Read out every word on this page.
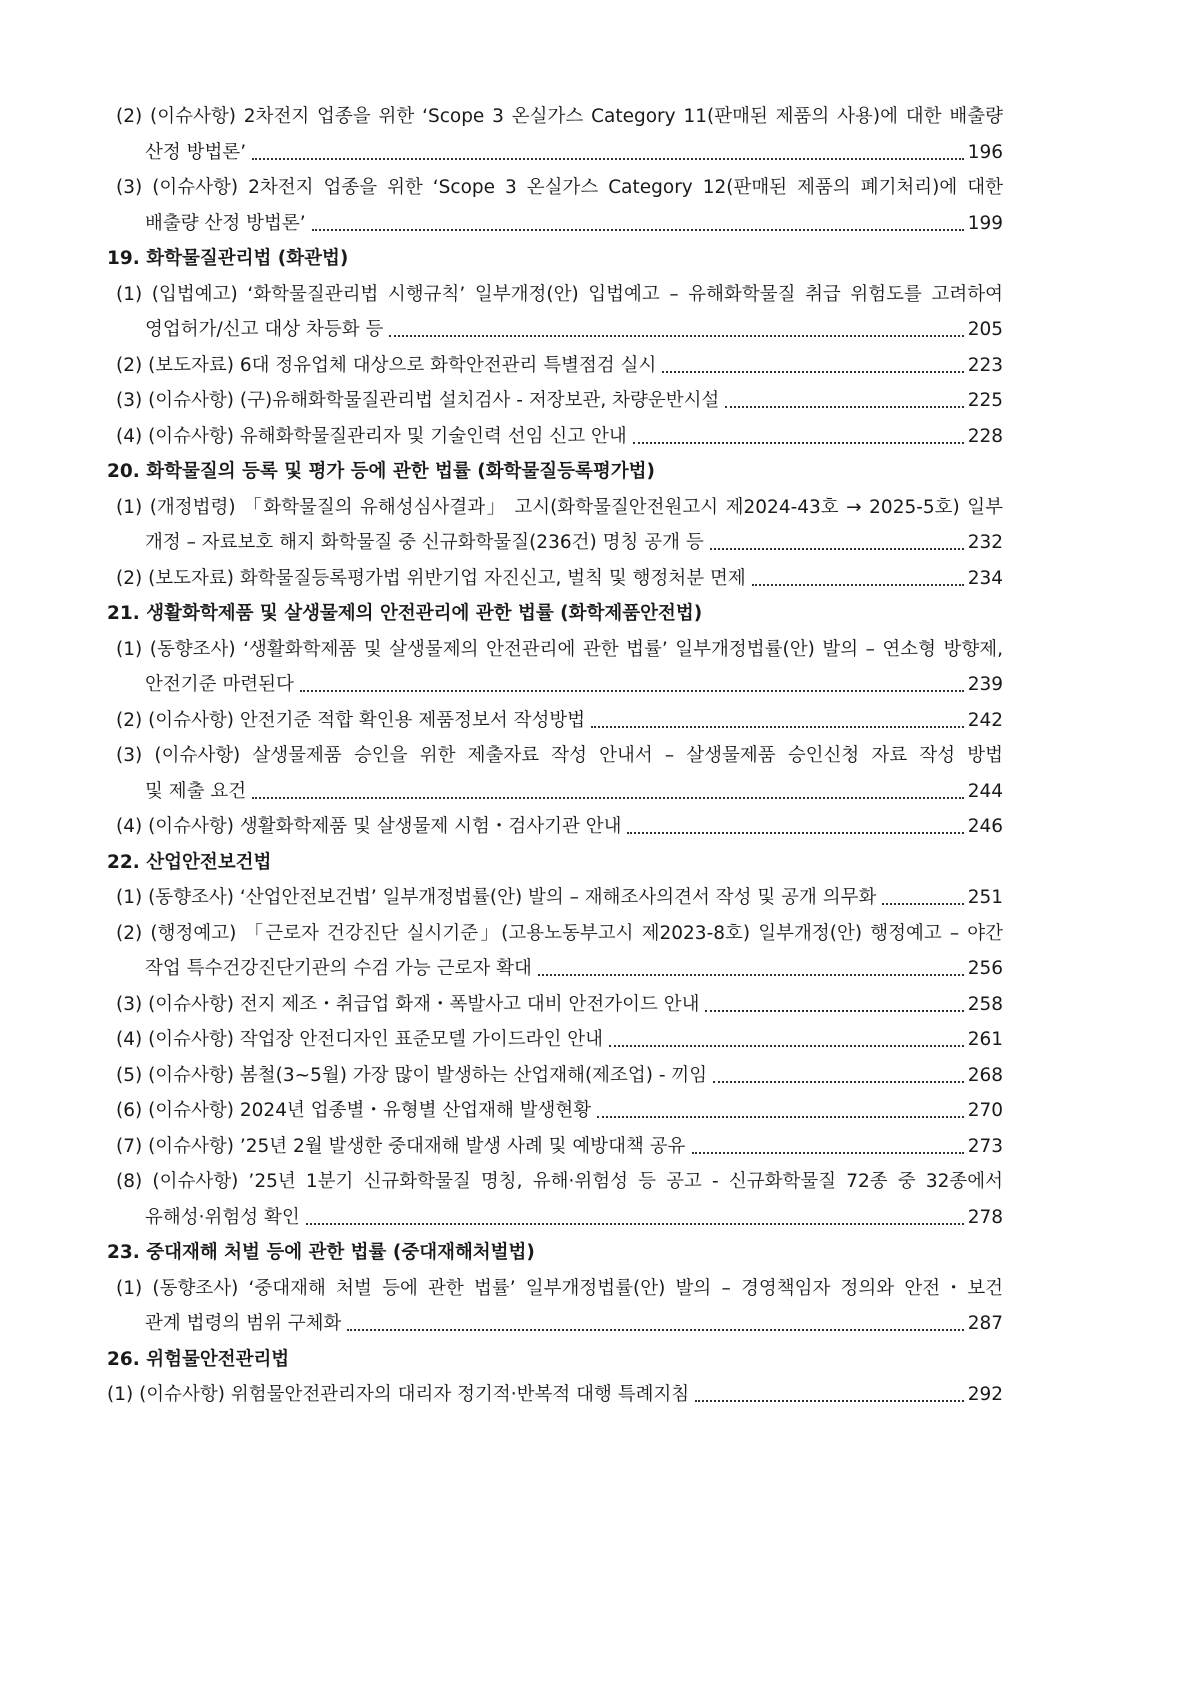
(2) (이슈사항) 2차전지 업종을 위한 ‘Scope 3 온실가스 Category 11(판매된 제품의 사용)에 대한 배출량
산정 방법론’	196
(3) (이슈사항) 2차전지 업종을 위한 ‘Scope 3 온실가스 Category 12(판매된 제품의 폐기처리)에 대한
배출량 산정 방법론’	199
19. 화학물질관리법 (화관법)
(1) (입법예고) ‘화학물질관리법 시행규칙’ 일부개정(안) 입법예고 – 유해화학물질 취급 위험도를 고려하여
영업허가/신고 대상 차등화 등	205
(2) (보도자료) 6대 정유업체 대상으로 화학안전관리 특별점검 실시	223
(3) (이슈사항) (구)유해화학물질관리법 설치검사 - 저장보관, 차량운반시설	225
(4) (이슈사항) 유해화학물질관리자 및 기술인력 선임 신고 안내	228
20. 화학물질의 등록 및 평가 등에 관한 법률 (화학물질등록평가법)
(1) (개정법령) 「화학물질의 유해성심사결과」 고시(화학물질안전원고시 제2024-43호 → 2025-5호) 일부
개정 – 자료보호 해지 화학물질 중 신규화학물질(236건) 명칭 공개 등	232
(2) (보도자료) 화학물질등록평가법 위반기업 자진신고, 벌칙 및 행정처분 면제	234
21. 생활화학제품 및 살생물제의 안전관리에 관한 법률 (화학제품안전법)
(1) (동향조사) ‘생활화학제품 및 살생물제의 안전관리에 관한 법률’ 일부개정법률(안) 발의 – 연소형 방향제,
안전기준 마련된다	239
(2) (이슈사항) 안전기준 적합 확인용 제품정보서 작성방법	242
(3) (이슈사항) 살생물제품 승인을 위한 제출자료 작성 안내서 – 살생물제품 승인신청 자료 작성 방법
및 제출 요건	244
(4) (이슈사항) 생활화학제품 및 살생물제 시험・검사기관 안내	246
22. 산업안전보건법
(1) (동향조사) ‘산업안전보건법’ 일부개정법률(안) 발의 – 재해조사의견서 작성 및 공개 의무화	251
(2) (행정예고) 「근로자 건강진단 실시기준」(고용노동부고시 제2023-8호) 일부개정(안) 행정예고 – 야간
작업 특수건강진단기관의 수검 가능 근로자 확대	256
(3) (이슈사항) 전지 제조・취급업 화재・폭발사고 대비 안전가이드 안내	258
(4) (이슈사항) 작업장 안전디자인 표준모델 가이드라인 안내	261
(5) (이슈사항) 봄철(3~5월) 가장 많이 발생하는 산업재해(제조업) - 끼임	268
(6) (이슈사항) 2024년 업종별・유형별 산업재해 발생현황	270
(7) (이슈사항) ’25년 2월 발생한 중대재해 발생 사례 및 예방대책 공유	273
(8) (이슈사항) ’25년 1분기 신규화학물질 명칭, 유해·위험성 등 공고 - 신규화학물질 72종 중 32종에서
유해성·위험성 확인	278
23. 중대재해 처벌 등에 관한 법률 (중대재해처벌법)
(1) (동향조사) ‘중대재해 처벌 등에 관한 법률’ 일부개정법률(안) 발의 – 경영책임자 정의와 안전・보건
관계 법령의 범위 구체화	287
26. 위험물안전관리법
(1) (이슈사항) 위험물안전관리자의 대리자 정기적·반복적 대행 특례지침	292
